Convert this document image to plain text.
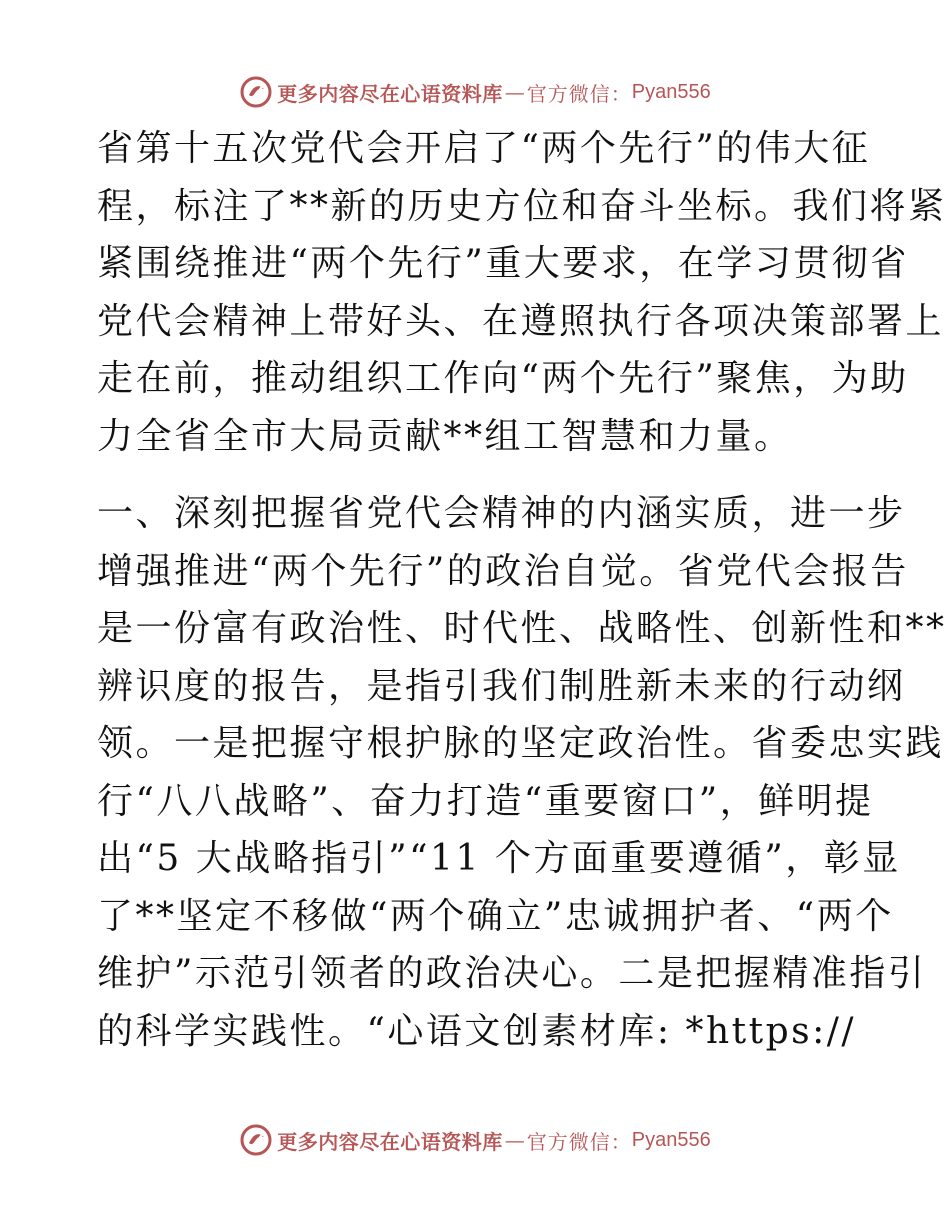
更多内容尽在心语资料库 — 官方微信： Pyan556

省第十五次党代会开启了“两个先行”的伟大征
程，标注了**新的历史方位和奋斗坐标。我们将紧
紧围绕推进“两个先行”重大要求，在学习贯彻省
党代会精神上带好头、在遵照执行各项决策部署上
走在前，推动组织工作向“两个先行”聚焦，为助
力全省全市大局贡献**组工智慧和力量。

一、深刻把握省党代会精神的内涵实质，进一步
增强推进“两个先行”的政治自觉。省党代会报告
是一份富有政治性、时代性、战略性、创新性和**
辨识度的报告，是指引我们制胜新未来的行动纲
领。一是把握守根护脉的坚定政治性。省委忠实践
行“八八战略”、奋力打造“重要窗口”，鲜明提
出“5 大战略指引”“11 个方面重要遵循”，彰显
了**坚定不移做“两个确立”忠诚拥护者、“两个
维护”示范引领者的政治决心。二是把握精准指引
的科学实践性。“心语文创素材库: *https://

更多内容尽在心语资料库 — 官方微信： Pyan556
